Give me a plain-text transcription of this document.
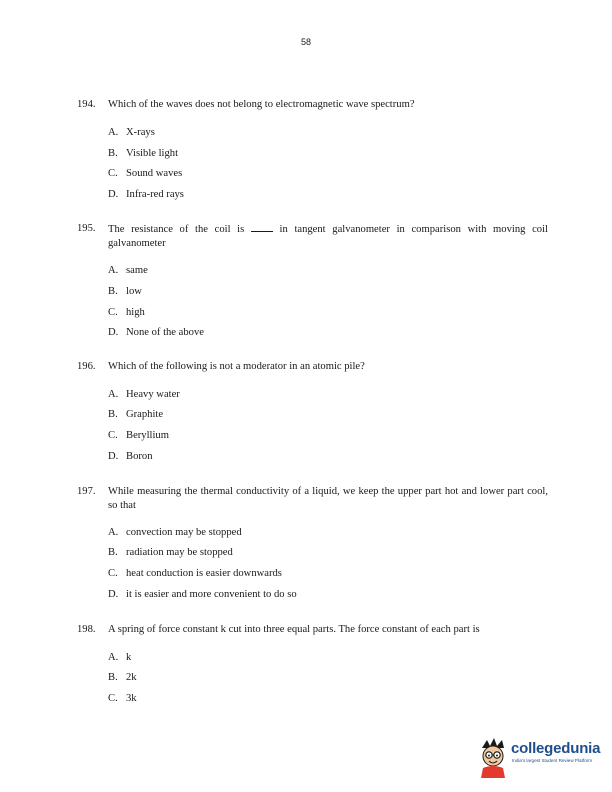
58
194. Which of the waves does not belong to electromagnetic wave spectrum?
A. X-rays
B. Visible light
C. Sound waves
D. Infra-red rays
195. The resistance of the coil is	in tangent galvanometer in comparison with moving coil galvanometer
A. same
B. low
C. high
D. None of the above
196. Which of the following is not a moderator in an atomic pile?
A. Heavy water
B. Graphite
C. Beryllium
D. Boron
197. While measuring the thermal conductivity of a liquid, we keep the upper part hot and lower part cool, so that
A. convection may be stopped
B. radiation may be stopped
C. heat conduction is easier downwards
D. it is easier and more convenient to do so
198. A spring of force constant k cut into three equal parts. The force constant of each part is
A. k
B. 2k
C. 3k
collegedunia
India's largest Student Review Platform
